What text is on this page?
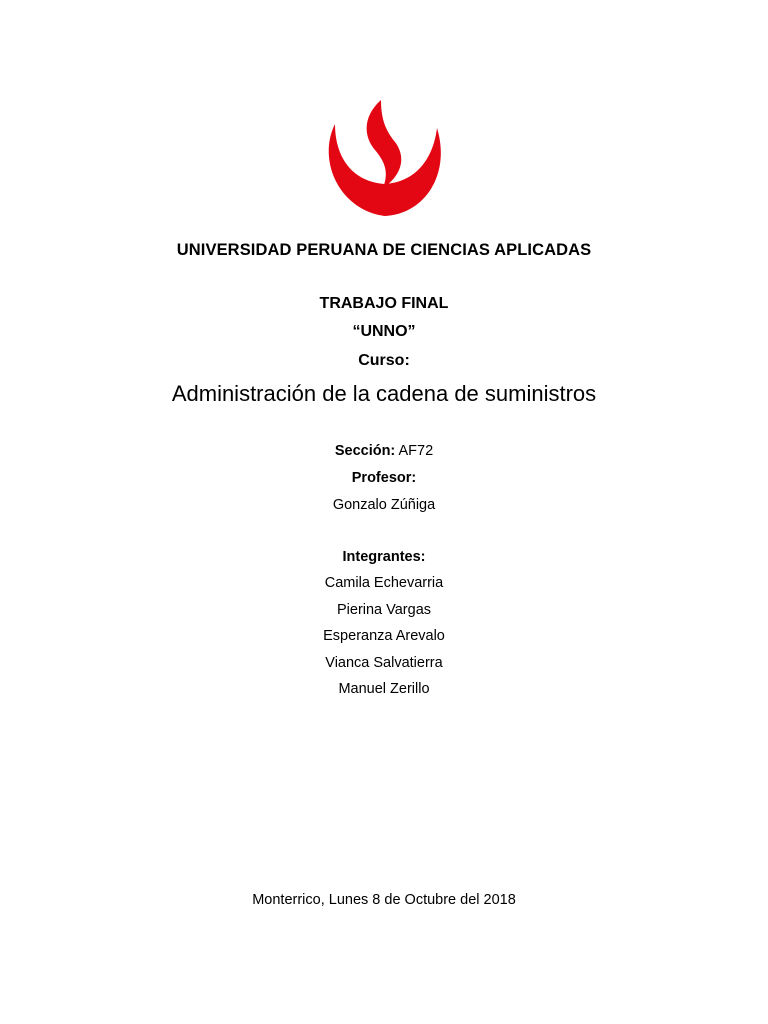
UNIVERSIDAD PERUANA DE CIENCIAS APLICADAS
TRABAJO FINAL
“UNNO”
Curso:
Administración de la cadena de suministros
Sección: AF72
Profesor:
Gonzalo Zúñiga
Integrantes:
Camila Echevarria
Pierina Vargas
Esperanza Arevalo
Vianca Salvatierra
Manuel Zerillo
Monterrico, Lunes 8 de Octubre del 2018
